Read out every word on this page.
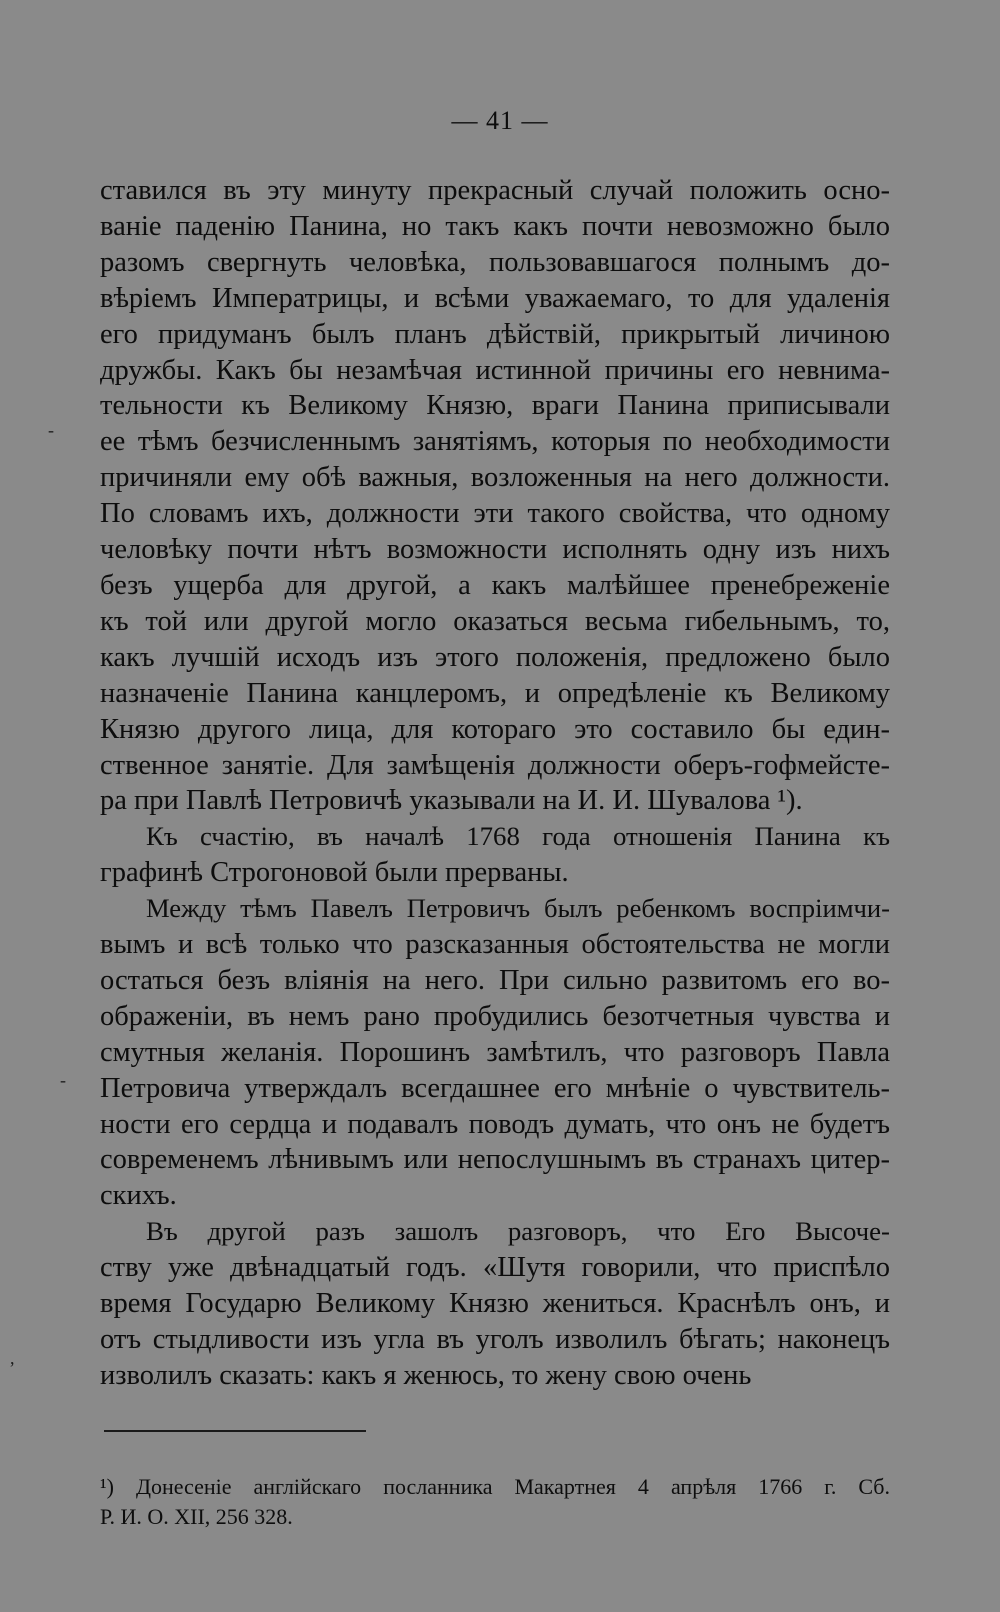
— 41 —
ставился въ эту минуту прекрасный случай положить осно-
ваніе паденію Панина, но такъ какъ почти невозможно было
разомъ свергнуть человѣка, пользовавшагося полнымъ до-
вѣріемъ Императрицы, и всѣми уважаемаго, то для удаленія
его придуманъ былъ планъ дѣйствій, прикрытый личиною
дружбы. Какъ бы незамѣчая истинной причины его невнима-
тельности къ Великому Князю, враги Панина приписывали
ее тѣмъ безчисленнымъ занятіямъ, которыя по необходимости
причиняли ему обѣ важныя, возложенныя на него должности.
По словамъ ихъ, должности эти такого свойства, что одному
человѣку почти нѣтъ возможности исполнять одну изъ нихъ
безъ ущерба для другой, а какъ малѣйшее пренебреженіе
къ той или другой могло оказаться весьма гибельнымъ, то,
какъ лучшій исходъ изъ этого положенія, предложено было
назначеніе Панина канцлеромъ, и опредѣленіе къ Великому
Князю другого лица, для котораго это составило бы един-
ственное занятіе. Для замѣщенія должности оберъ-гофмейсте-
ра при Павлѣ Петровичѣ указывали на И. И. Шувалова ¹).
Къ счастію, въ началѣ 1768 года отношенія Панина къ
графинѣ Строгоновой были прерваны.
Между тѣмъ Павелъ Петровичъ былъ ребенкомъ воспріимчи-
вымъ и всѣ только что разсказанныя обстоятельства не могли
остаться безъ вліянія на него. При сильно развитомъ его во-
ображеніи, въ немъ рано пробудились безотчетныя чувства и
смутныя желанія. Порошинъ замѣтилъ, что разговоръ Павла
Петровича утверждалъ всегдашнее его мнѣніе о чувствитель-
ности его сердца и подавалъ поводъ думать, что онъ не будетъ
современемъ лѣнивымъ или непослушнымъ въ странахъ цитер-
скихъ.
Въ другой разъ зашолъ разговоръ, что Его Высоче-
ству уже двѣнадцатый годъ. «Шутя говорили, что приспѣло
время Государю Великому Князю жениться. Краснѣлъ онъ, и
отъ стыдливости изъ угла въ уголъ изволилъ бѣгать; наконецъ
изволилъ сказать: какъ я женюсь, то жену свою очень
¹) Донесеніе англійскаго посланника Макартнея 4 апрѣля 1766 г. Сб.
Р. И. О. XII, 256 328.
-
-
,
